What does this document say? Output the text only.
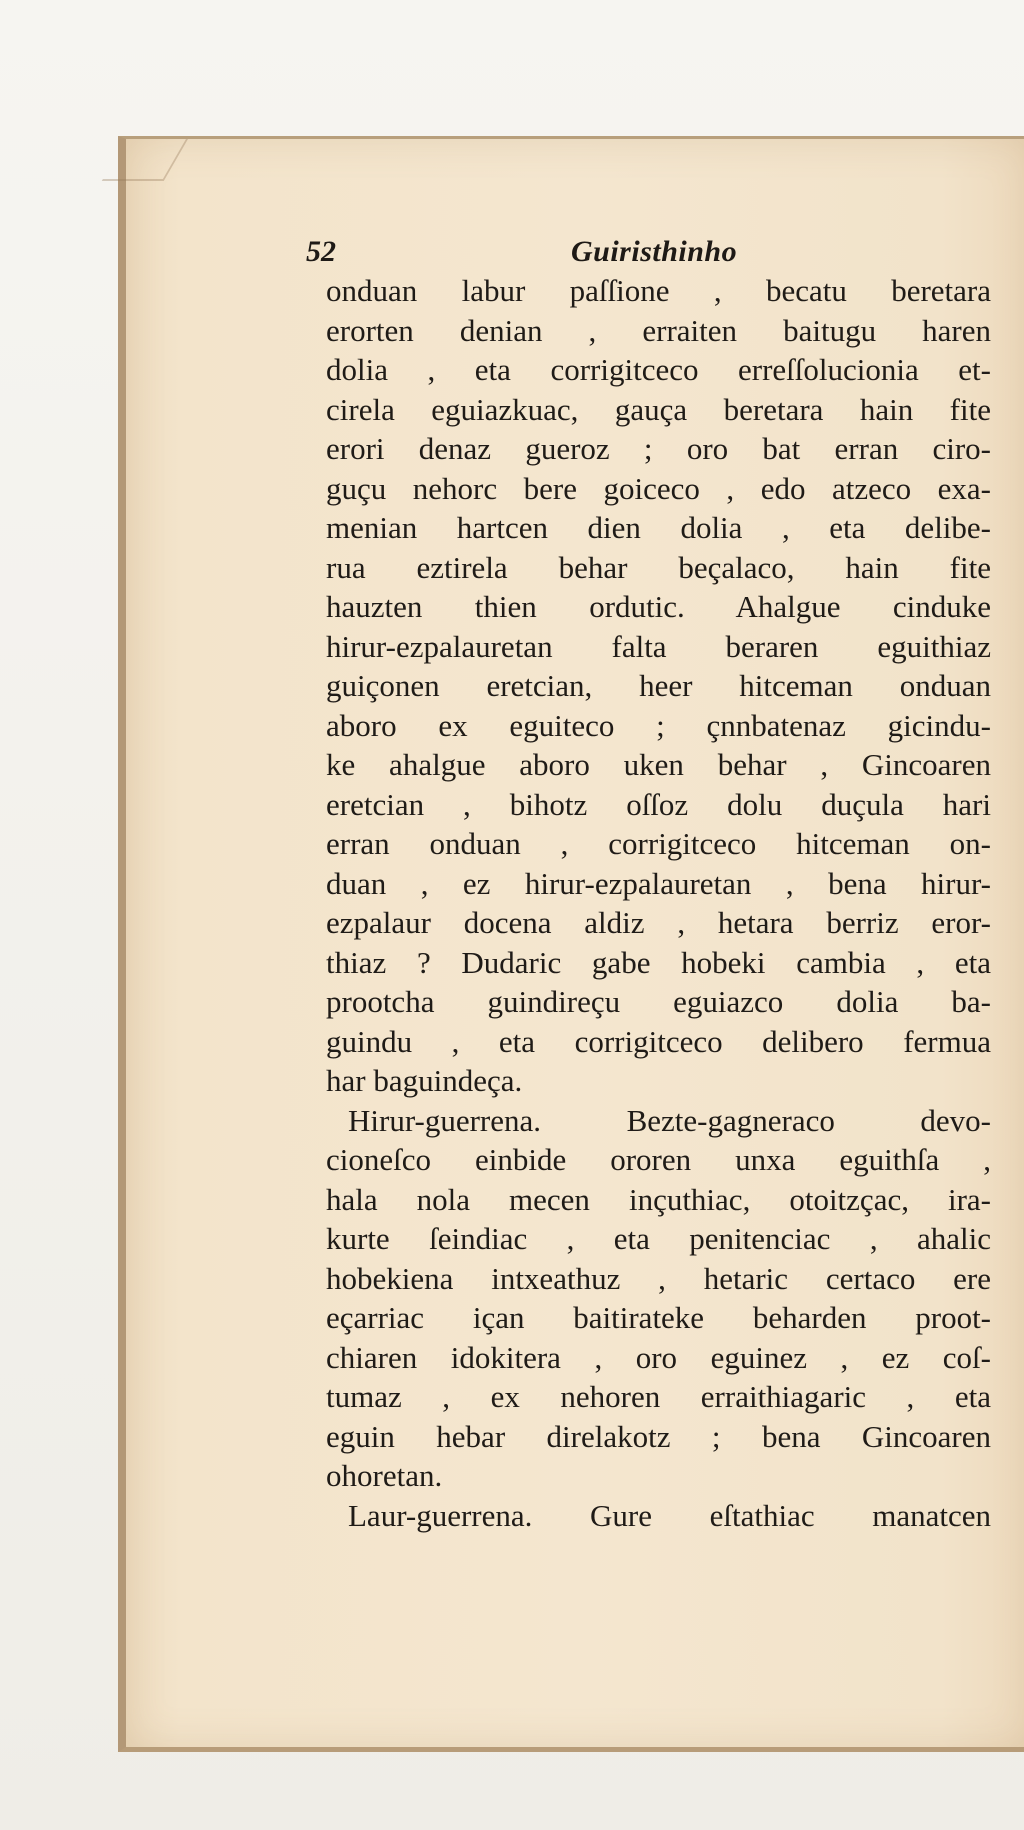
52	Guiristhinho
onduan labur paſſione , becatu beretara
erorten denian , erraiten baitugu haren
dolia , eta corrigitceco erreſſolucionia et-
cirela eguiazkuac, gauça beretara hain fite
erori denaz gueroz ; oro bat erran ciro-
guçu nehorc bere goiceco , edo atzeco exa-
menian hartcen dien dolia , eta delibe-
rua eztirela behar beçalaco, hain fite
hauzten thien ordutic. Ahalgue cinduke
hirur-ezpalauretan falta beraren eguithiaz
guiçonen eretcian, heer hitceman onduan
aboro ex eguiteco ; çnnbatenaz gicindu-
ke ahalgue aboro uken behar , Gincoaren
eretcian , bihotz oſſoz dolu duçula hari
erran onduan , corrigitceco hitceman on-
duan , ez hirur-ezpalauretan , bena hirur-
ezpalaur docena aldiz , hetara berriz eror-
thiaz ? Dudaric gabe hobeki cambia , eta
prootcha guindireçu eguiazco dolia ba-
guindu , eta corrigitceco delibero fermua
har baguindeça.
Hirur-guerrena. Bezte-gagneraco devo-
cioneſco einbide ororen unxa eguithſa ,
hala nola mecen inçuthiac, otoitzçac, ira-
kurte ſeindiac , eta penitenciac , ahalic
hobekiena intxeathuz , hetaric certaco ere
eçarriac içan baitirateke beharden proot-
chiaren idokitera , oro eguinez , ez coſ-
tumaz , ex nehoren erraithiagaric , eta
eguin hebar direlakotz ; bena Gincoaren
ohoretan.
Laur-guerrena. Gure eſtathiac manatcen
